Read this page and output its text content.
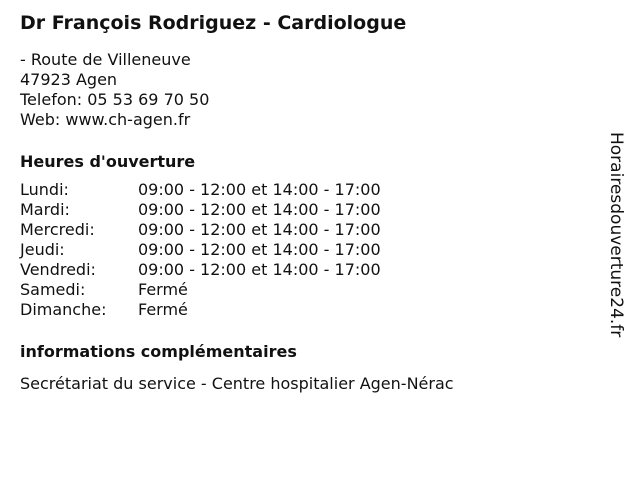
Dr François Rodriguez - Cardiologue
- Route de Villeneuve
47923 Agen
Telefon: 05 53 69 70 50
Web: www.ch-agen.fr
Heures d'ouverture
Lundi:	09:00 - 12:00 et 14:00 - 17:00
Mardi:	09:00 - 12:00 et 14:00 - 17:00
Mercredi:	09:00 - 12:00 et 14:00 - 17:00
Jeudi:	09:00 - 12:00 et 14:00 - 17:00
Vendredi:	09:00 - 12:00 et 14:00 - 17:00
Samedi:	Fermé
Dimanche:	Fermé
informations complémentaires
Secrétariat du service - Centre hospitalier Agen-Nérac
Horairesdouverture24.fr
